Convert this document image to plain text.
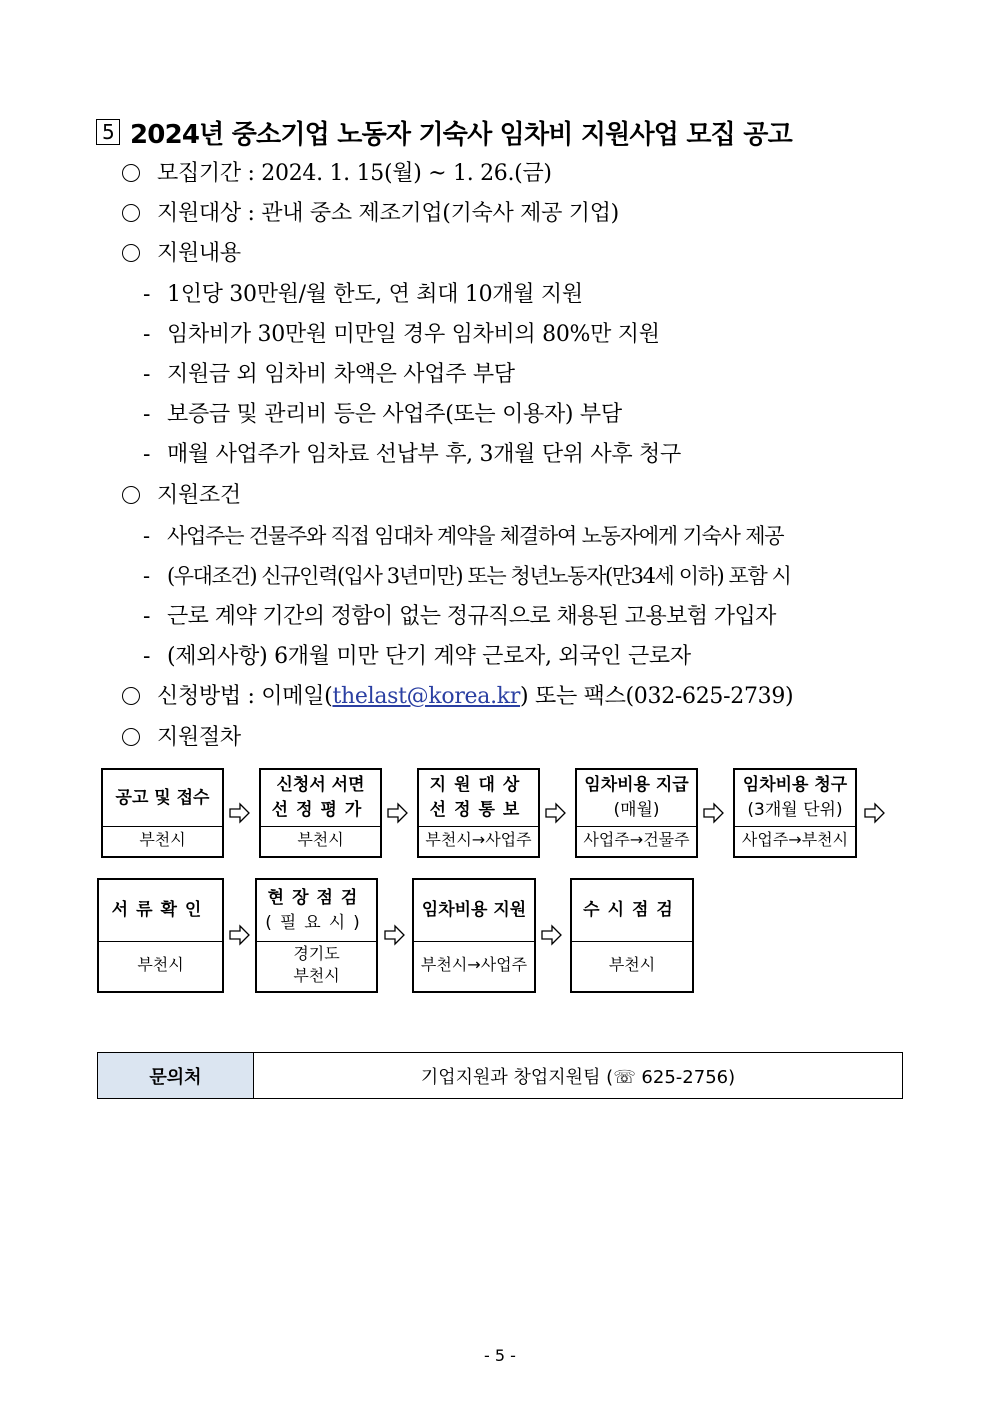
5 2024년 중소기업 노동자 기숙사 임차비 지원사업 모집 공고
모집기간 : 2024. 1. 15(월) ~ 1. 26.(금)
지원대상 : 관내 중소 제조기업(기숙사 제공 기업)
지원내용
- 1인당 30만원/월 한도, 연 최대 10개월 지원
- 임차비가 30만원 미만일 경우 임차비의 80%만 지원
- 지원금 외 임차비 차액은 사업주 부담
- 보증금 및 관리비 등은 사업주(또는 이용자) 부담
- 매월 사업주가 임차료 선납부 후, 3개월 단위 사후 청구
지원조건
- 사업주는 건물주와 직접 임대차 계약을 체결하여 노동자에게 기숙사 제공
- (우대조건) 신규인력(입사 3년미만) 또는 청년노동자(만34세 이하) 포함 시
- 근로 계약 기간의 정함이 없는 정규직으로 채용된 고용보험 가입자
- (제외사항) 6개월 미만 단기 계약 근로자, 외국인 근로자
신청방법 : 이메일(thelast@korea.kr) 또는 팩스(032-625-2739)
지원절차
공고 및 접수
부천시
신청서 서면
선정평가
부천시
지원대상
선정통보
부천시→사업주
임차비용 지급
(매월)
사업주→건물주
임차비용 청구
(3개월 단위)
사업주→부천시
서류확인
부천시
현장점검
(필요시)
경기도
부천시
임차비용 지원
부천시→사업주
수시점검
부천시
문의처	기업지원과 창업지원팀 (☏ 625-2756)
- 5 -
